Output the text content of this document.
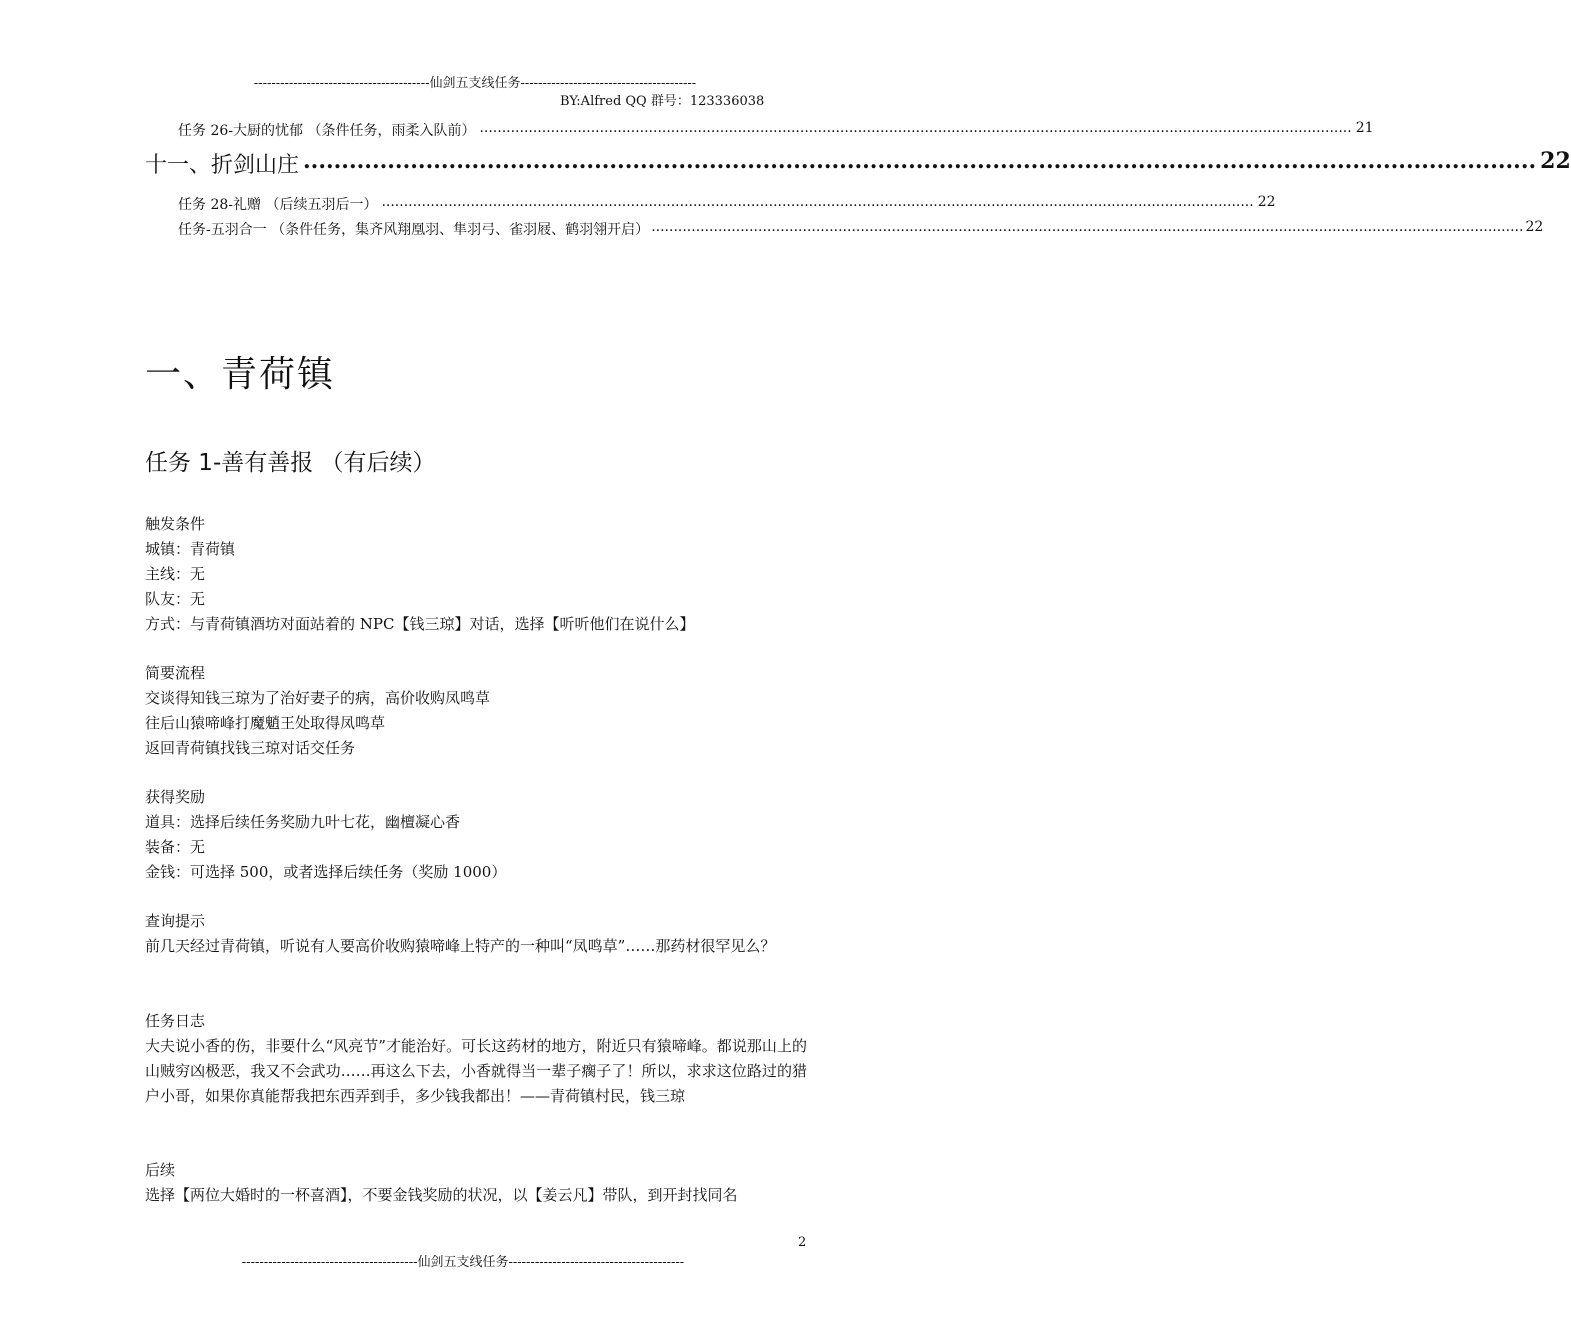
----------------------------------------仙剑五支线任务----------------------------------------
BY:Alfred QQ 群号：123336038
任务 26-大厨的忧郁 （条件任务，雨柔入队前） .................................................................................................................................................................................................... 21
十一、折剑山庄 ................................................................................................................................................................. 22
任务 28-礼赠 （后续五羽后一） .................................................................................................................................................................................................... 22
任务-五羽合一 （条件任务，集齐风翔凰羽、隼羽弓、雀羽屐、鹤羽翎开启） .................................................................................................................................................................................................... 22
一、青荷镇
任务 1-善有善报 （有后续）

触发条件

城镇：青荷镇

主线：无

队友：无

方式：与青荷镇酒坊对面站着的 NPC【钱三琼】对话，选择【听听他们在说什么】

简要流程

交谈得知钱三琼为了治好妻子的病，高价收购凤鸣草

往后山猿啼峰打魔魈王处取得凤鸣草

返回青荷镇找钱三琼对话交任务

获得奖励

道具：选择后续任务奖励九叶七花，幽檀凝心香

装备：无

金钱：可选择 500，或者选择后续任务（奖励 1000）

查询提示

前几天经过青荷镇，听说有人要高价收购猿啼峰上特产的一种叫“凤鸣草”……那药材很罕见么？

任务日志

大夫说小香的伤，非要什么“风亮节”才能治好。可长这药材的地方，附近只有猿啼峰。都说那山上的山贼穷凶极恶，我又不会武功……再这么下去，小香就得当一辈子瘸子了！所以，求求这位路过的猎户小哥，如果你真能帮我把东西弄到手，多少钱我都出！——青荷镇村民，钱三琼

后续

选择【两位大婚时的一杯喜酒】，不要金钱奖励的状况，以【姜云凡】带队，到开封找同名

2
----------------------------------------仙剑五支线任务----------------------------------------
